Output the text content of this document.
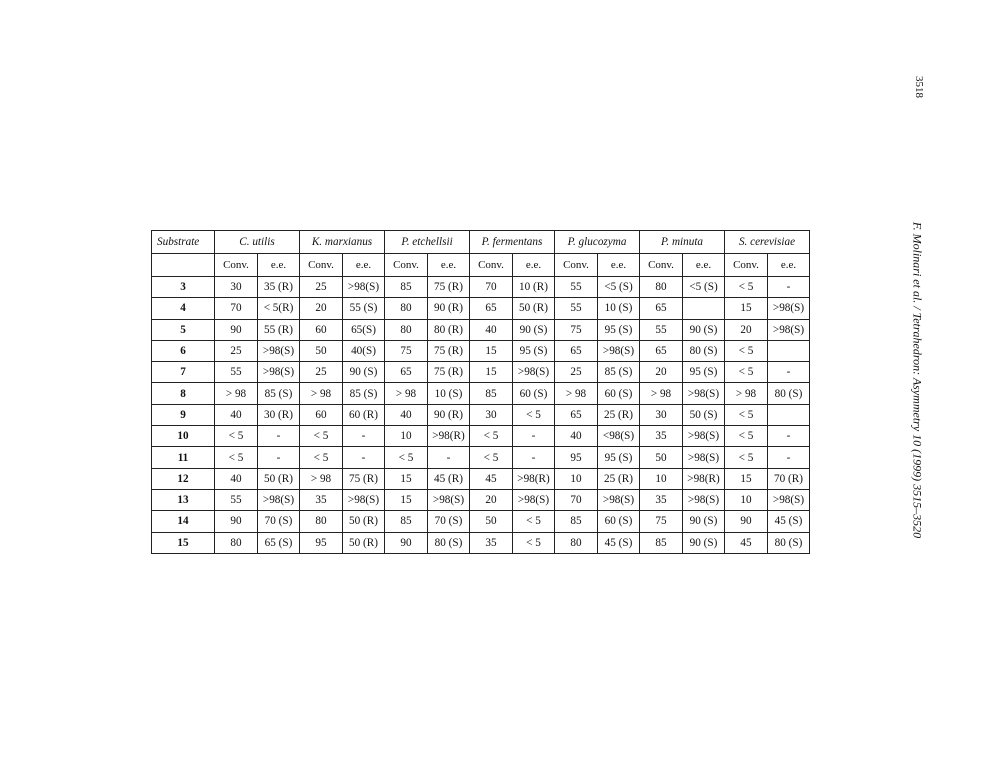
3518
F. Molinari et al. / Tetrahedron: Asymmetry 10 (1999) 3515–3520
Substrate	C. utilis		K. marxianus		P. etchellsii		P. fermentans		P. glucozyma		P. minuta		S. cerevisiae	
	Conv.	e.e.	Conv.	e.e.	Conv.	e.e.	Conv.	e.e.	Conv.	e.e.	Conv.	e.e.	Conv.	e.e.
3	30	35 (R)	25	>98(S)	85	75 (R)	70	10 (R)	55	<5 (S)	80	<5 (S)	< 5	-
4	70	< 5(R)	20	55 (S)	80	90 (R)	65	50 (R)	55	10 (S)	65		15	>98(S)
5	90	55 (R)	60	65(S)	80	80 (R)	40	90 (S)	75	95 (S)	55	90 (S)	20	>98(S)
6	25	>98(S)	50	40(S)	75	75 (R)	15	95 (S)	65	>98(S)	65	80 (S)	< 5	
7	55	>98(S)	25	90 (S)	65	75 (R)	15	>98(S)	25	85 (S)	20	95 (S)	< 5	-
8	> 98	85 (S)	> 98	85 (S)	> 98	10 (S)	85	60 (S)	> 98	60 (S)	> 98	>98(S)	> 98	80 (S)
9	40	30 (R)	60	60 (R)	40	90 (R)	30	< 5	65	25 (R)	30	50 (S)	< 5	
10	< 5	-	< 5	-	10	>98(R)	< 5	-	40	<98(S)	35	>98(S)	< 5	-
11	< 5	-	< 5	-	< 5	-	< 5	-	95	95 (S)	50	>98(S)	< 5	-
12	40	50 (R)	> 98	75 (R)	15	45 (R)	45	>98(R)	10	25 (R)	10	>98(R)	15	70 (R)
13	55	>98(S)	35	>98(S)	15	>98(S)	20	>98(S)	70	>98(S)	35	>98(S)	10	>98(S)
14	90	70 (S)	80	50 (R)	85	70 (S)	50	< 5	85	60 (S)	75	90 (S)	90	45 (S)
15	80	65 (S)	95	50 (R)	90	80 (S)	35	< 5	80	45 (S)	85	90 (S)	45	80 (S)
